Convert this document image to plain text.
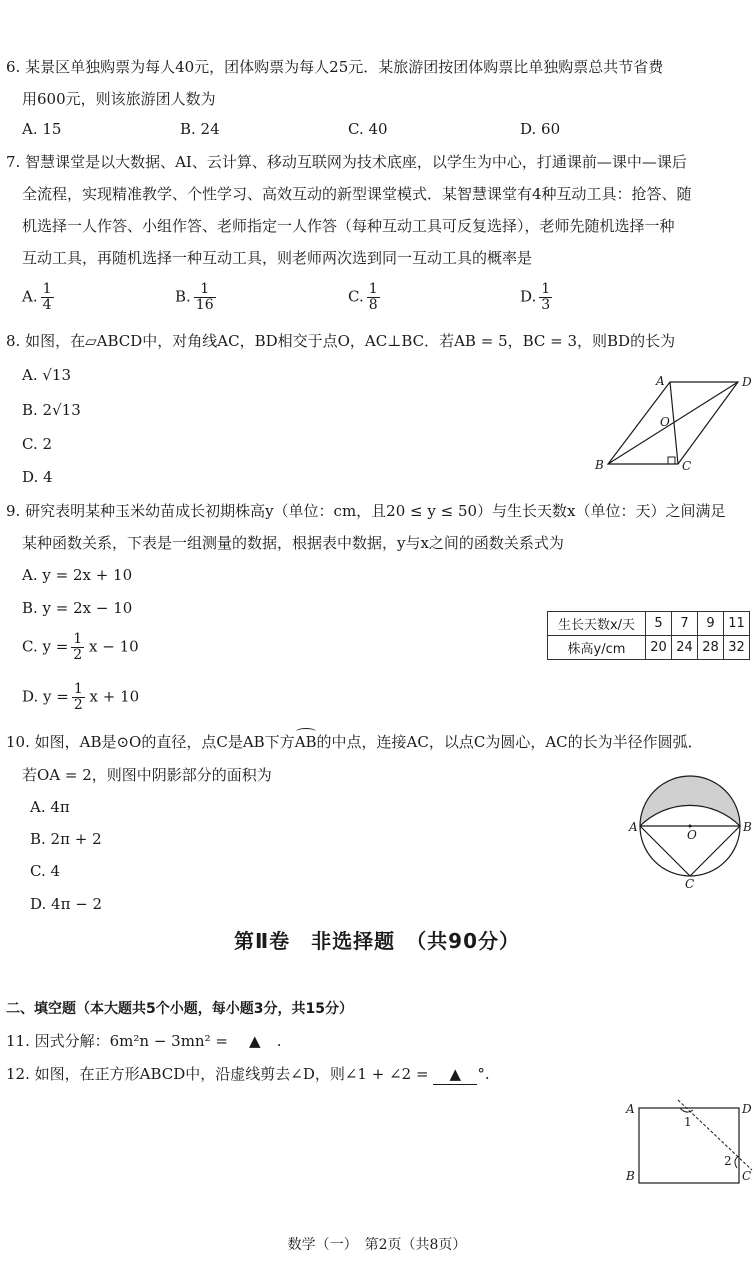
6. 某景区单独购票为每人40元，团体购票为每人25元．某旅游团按团体购票比单独购票总共节省费
用600元，则该旅游团人数为
A. 15	B. 24	C. 40	D. 60
7. 智慧课堂是以大数据、AI、云计算、移动互联网为技术底座，以学生为中心，打通课前—课中—课后
全流程，实现精准教学、个性学习、高效互动的新型课堂模式．某智慧课堂有4种互动工具：抢答、随
机选择一人作答、小组作答、老师指定一人作答（每种互动工具可反复选择），老师先随机选择一种
互动工具，再随机选择一种互动工具，则老师两次选到同一互动工具的概率是
A. $\frac{1}{4}$	B. $\frac{1}{16}$	C. $\frac{1}{8}$	D. $\frac{1}{3}$
8. 如图，在▱ABCD中，对角线AC，BD相交于点O，AC⊥BC．若AB = 5，BC = 3，则BD的长为
A. √13
B. 2√13
C. 2
D. 4
A	D
O
B	C
9. 研究表明某种玉米幼苗成长初期株高y（单位：cm，且20 ≤ y ≤ 50）与生长天数x（单位：天）之间满足
某种函数关系，下表是一组测量的数据，根据表中数据，y与x之间的函数关系式为
A. y = 2x + 10
B. y = 2x − 10
C. $y = \frac{1}{2}$ x − 10
D. $y = \frac{1}{2}$ x + 10
生长天数x/天	5	7	9	11
株高y/cm	20	24	28	32
10. 如图，AB是⊙O的直径，点C是AB下方AB的中点，连接AC，以点C为圆心，AC的长为半径作圆弧．
若OA = 2，则图中阴影部分的面积为
A. 4π
B. 2π + 2
C. 4
D. 4π − 2
A	B
O
C
第Ⅱ卷　非选择题　（共90分）
二、填空题（本大题共5个小题，每小题3分，共15分）
11. 因式分解：6m²n − 3mn² = ▲ .
12. 如图，在正方形ABCD中，沿虚线剪去∠D，则∠1 + ∠2 = ▲ °.
A	D
B	C
1
2
数学（一）　第2页（共8页）
